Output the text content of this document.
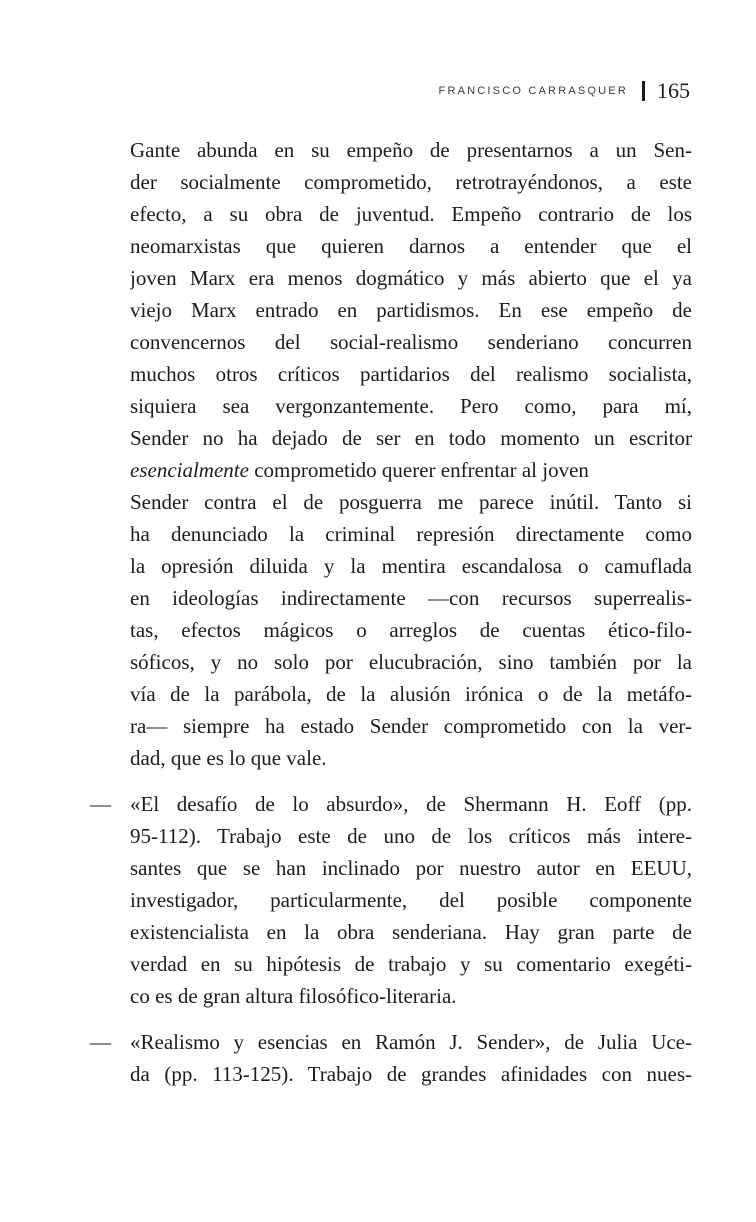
FRANCISCO CARRASQUER 165
Gante abunda en su empeño de presentarnos a un Sen-
der socialmente comprometido, retrotrayéndonos, a este
efecto, a su obra de juventud. Empeño contrario de los
neomarxistas que quieren darnos a entender que el
joven Marx era menos dogmático y más abierto que el ya
viejo Marx entrado en partidismos. En ese empeño de
convencernos del social-realismo senderiano concurren
muchos otros críticos partidarios del realismo socialista,
siquiera sea vergonzantemente. Pero como, para mí,
Sender no ha dejado de ser en todo momento un escritor
esencialmente comprometido querer enfrentar al joven
Sender contra el de posguerra me parece inútil. Tanto si
ha denunciado la criminal represión directamente como
la opresión diluida y la mentira escandalosa o camuflada
en ideologías indirectamente —con recursos superrealis-
tas, efectos mágicos o arreglos de cuentas ético-filo-
sóficos, y no solo por elucubración, sino también por la
vía de la parábola, de la alusión irónica o de la metáfo-
ra— siempre ha estado Sender comprometido con la ver-
dad, que es lo que vale.
— «El desafío de lo absurdo», de Shermann H. Eoff (pp.
95-112). Trabajo este de uno de los críticos más intere-
santes que se han inclinado por nuestro autor en EEUU,
investigador, particularmente, del posible componente
existencialista en la obra senderiana. Hay gran parte de
verdad en su hipótesis de trabajo y su comentario exegéti-
co es de gran altura filosófico-literaria.
— «Realismo y esencias en Ramón J. Sender», de Julia Uce-
da (pp. 113-125). Trabajo de grandes afinidades con nues-
